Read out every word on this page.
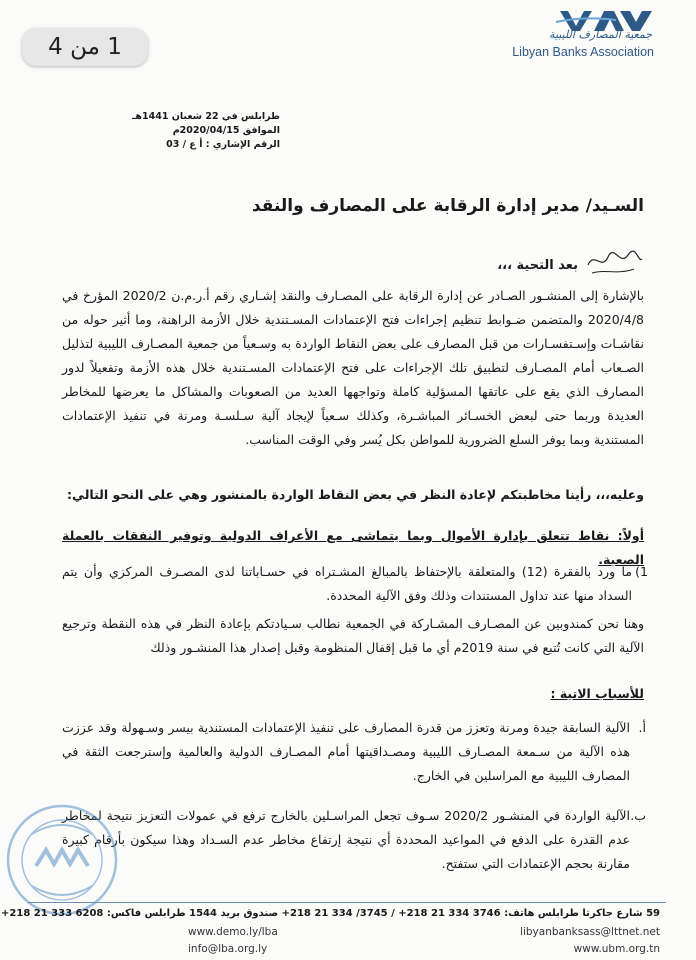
1 من 4	جمعية المصارف الليبية
Libyan Banks Association
طرابلس في 22 شعبان 1441هـ
الموافق 2020/04/15م
الرقم الإشاري : أ ع / 03
السـيد/ مدير إدارة الرقابة على المصارف والنقد
بعد التحية ،،،
بالإشارة إلى المنشـور الصـادر عن إدارة الرقابة على المصـارف والنقد إشـاري رقم أ.ر.م.ن 2020/2 المؤرخ في 2020/4/8 والمتضمن ضـوابط تنظيم إجراءات فتح الإعتمادات المسـتندية خلال الأزمة الراهنة، وما أثير حوله من نقاشـات وإسـتفسـارات من قبل المصارف على بعض النقاط الواردة به وسـعياً من جمعية المصـارف الليبية لتذليل الصـعاب أمام المصـارف لتطبيق تلك الإجراءات على فتح الإعتمادات المسـتندية خلال هذه الأزمة وتفعيلاً لدور المصارف الذي يقع على عاتقها المسؤلية كاملة وتواجهها العديد من الصعوبات والمشاكل ما يعرضها للمخاطر العديدة وربما حتى لبعض الخسـائر المباشـرة، وكذلك سـعياً لإيجاد آلية سـلسـة ومرنة في تنفيذ الإعتمادات المستندية وبما يوفر السلع الضرورية للمواطن بكل يُسر وفي الوقت المناسب.
وعليه،،، رأينا مخاطبتكم لإعادة النظر في بعض النقاط الواردة بالمنشور وهي على النحو التالي:
أولاً: نقاط تتعلق بإدارة الأموال وبما يتماشى مع الأعراف الدولية وتوفير النفقات بالعملة الصعبة.
1)
ما ورد بالفقرة (12) والمتعلقة بالإحتفاظ بالمبالغ المشـتراه في حسـاباتنا لدى المصـرف المركزي وأن يتم السداد منها عند تداول المستندات وذلك وفق الآلية المحددة.
وهنا نحن كمندوبين عن المصـارف المشـاركة في الجمعية نطالب سـيادتكم بإعادة النظر في هذه النقطة وترجيع الآلية التي كانت تُتبع في سنة 2019م أي ما قبل إقفال المنظومة وقبل إصدار هذا المنشـور وذلك
للأسباب الاتية :
أ.
الآلية السابقة جيدة ومرنة وتعزز من قدرة المصارف على تنفيذ الإعتمادات المستندية بيسر وسـهولة وقد عززت هذه الآلية من سـمعة المصـارف الليبية ومصـداقيتها أمام المصـارف الدولية والعالمية وإسترجعت الثقة في المصارف الليبية مع المراسلين في الخارج.
ب.
الآلية الواردة في المنشـور 2020/2 سـوف تجعل المراسـلين بالخارج ترفع في عمولات التعزيز نتيجة لمخاطر عدم القدرة على الدفع في المواعيد المحددة أي نتيجة إرتفاع مخاطر عدم السـداد وهذا سيكون بأرقام كبيرة مقارنة بحجم الإعتمادات التي ستفتح.
59 شارع جاكرتا طرابلس هاتف: 3746 334 21 218+ / 3745/ 334 21 218+ صندوق بريد 1544 طرابلس فاكس: 6208 333 21 218+
libyanbanksass@lttnet.net
www.demo.ly/lba
www.ubm.org.tn
info@lba.org.ly
